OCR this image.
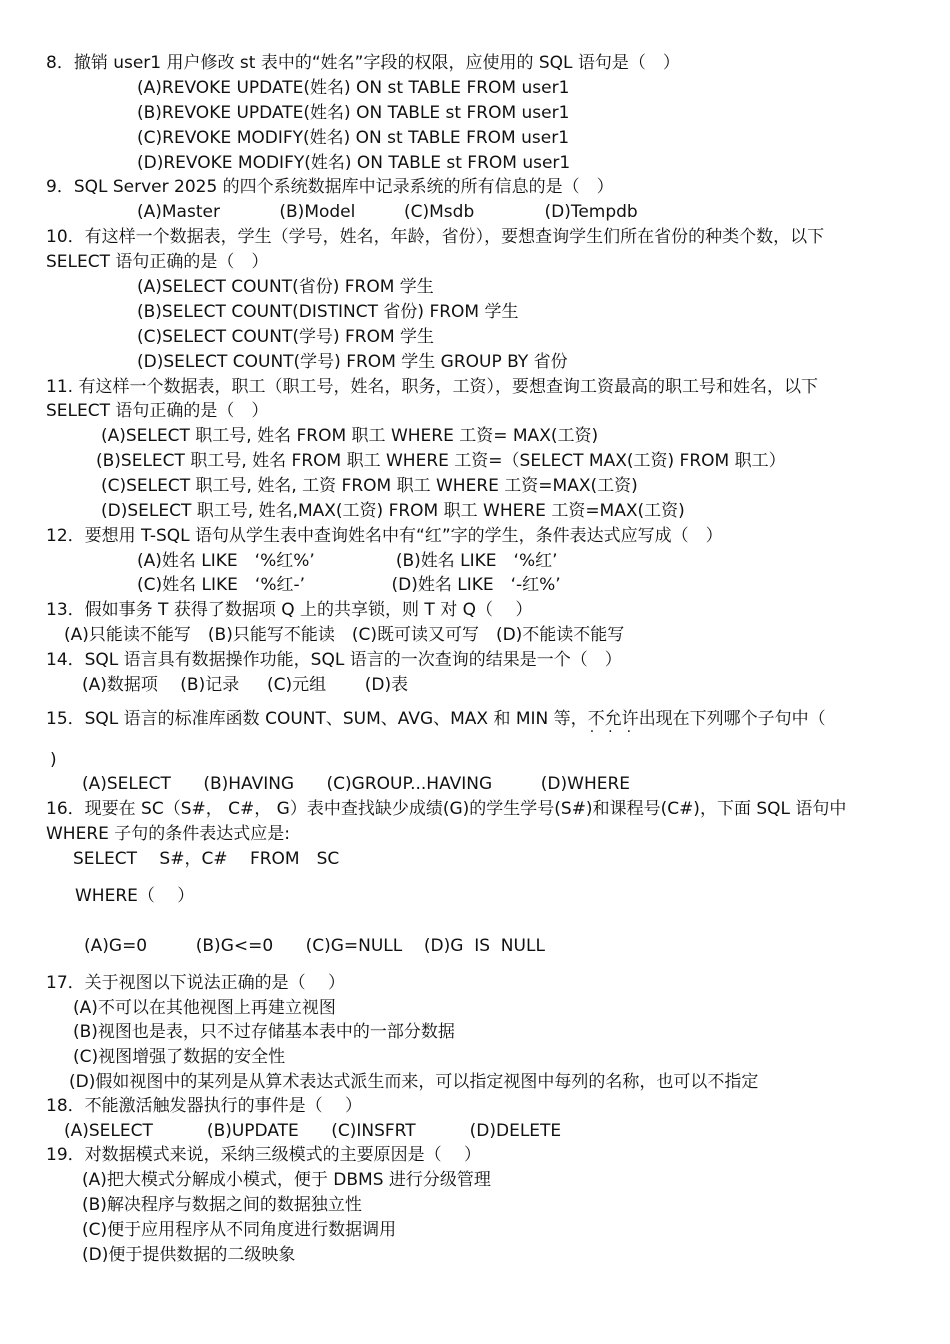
8．撤销 user1 用户修改 st 表中的“姓名”字段的权限，应使用的 SQL 语句是（　）
(A)REVOKE UPDATE(姓名) ON st TABLE FROM user1
(B)REVOKE UPDATE(姓名) ON TABLE st FROM user1
(C)REVOKE MODIFY(姓名) ON st TABLE FROM user1
(D)REVOKE MODIFY(姓名) ON TABLE st FROM user1
9．SQL Server 2025 的四个系统数据库中记录系统的所有信息的是（　）
(A)Master           (B)Model         (C)Msdb             (D)Tempdb
10．有这样一个数据表，学生（学号，姓名，年龄，省份），要想查询学生们所在省份的种类个数，以下
SELECT 语句正确的是（　）
(A)SELECT COUNT(省份) FROM 学生
(B)SELECT COUNT(DISTINCT 省份) FROM 学生
(C)SELECT COUNT(学号) FROM 学生
(D)SELECT COUNT(学号) FROM 学生 GROUP BY 省份
11. 有这样一个数据表，职工（职工号，姓名，职务，工资），要想查询工资最高的职工号和姓名，以下
SELECT 语句正确的是（　）
(A)SELECT 职工号, 姓名 FROM 职工 WHERE 工资= MAX(工资)
(B)SELECT 职工号, 姓名 FROM 职工 WHERE 工资=（SELECT MAX(工资) FROM 职工）
(C)SELECT 职工号, 姓名, 工资 FROM 职工 WHERE 工资=MAX(工资)
(D)SELECT 职工号, 姓名,MAX(工资) FROM 职工 WHERE 工资=MAX(工资)
12．要想用 T-SQL 语句从学生表中查询姓名中有“红”字的学生，条件表达式应写成（　）
(A)姓名 LIKE　‘%红%’               (B)姓名 LIKE　‘%红’
(C)姓名 LIKE　‘%红-’                (D)姓名 LIKE　‘-红%’
13．假如事务 T 获得了数据项 Q 上的共享锁，则 T 对 Q（　 ）
(A)只能读不能写　(B)只能写不能读　(C)既可读又可写　(D)不能读不能写
14．SQL 语言具有数据操作功能，SQL 语言的一次查询的结果是一个（　）
(A)数据项　 (B)记录　  (C)元组　    (D)表
15．SQL 语言的标准库函数 COUNT、SUM、AVG、MAX 和 MIN 等，不允许 · · ·出现在下列哪个子句中（
)
(A)SELECT      (B)HAVING      (C)GROUP...HAVING         (D)WHERE
16．现要在 SC（S#， C#， G）表中查找缺少成绩(G)的学生学号(S#)和课程号(C#)，下面 SQL 语句中
WHERE 子句的条件表达式应是:
SELECT　 S#，C#　 FROM　SC
WHERE（　 ）
(A)G=0         (B)G<=0      (C)G=NULL    (D)G  IS  NULL
17．关于视图以下说法正确的是（　 ）
(A)不可以在其他视图上再建立视图
(B)视图也是表，只不过存储基本表中的一部分数据
(C)视图增强了数据的安全性
(D)假如视图中的某列是从算术表达式派生而来，可以指定视图中每列的名称，也可以不指定
18．不能激活触发器执行的事件是（　 ）
(A)SELECT          (B)UPDATE      (C)INSFRT          (D)DELETE
19．对数据模式来说，采纳三级模式的主要原因是（　 ）
(A)把大模式分解成小模式，便于 DBMS 进行分级管理
(B)解决程序与数据之间的数据独立性
(C)便于应用程序从不同角度进行数据调用
(D)便于提供数据的二级映象
